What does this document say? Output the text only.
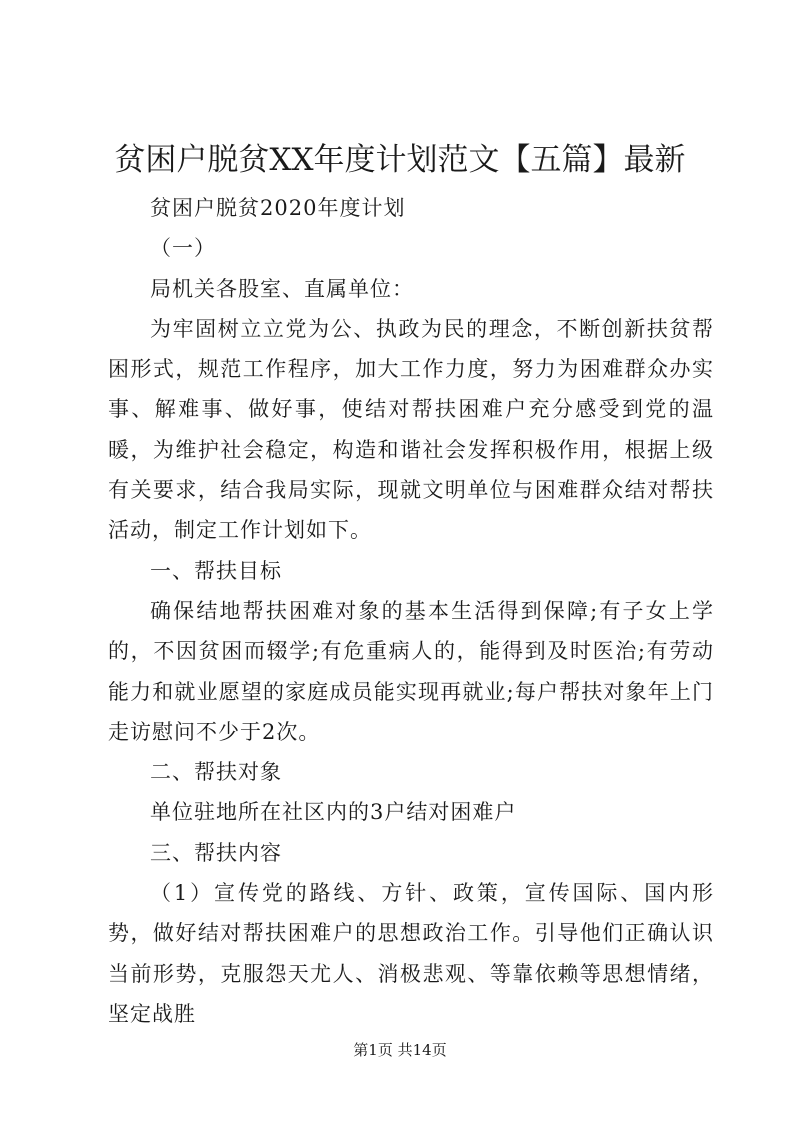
贫困户脱贫XX年度计划范文【五篇】最新

贫困户脱贫2020年度计划

（一）

局机关各股室、直属单位：

为牢固树立立党为公、执政为民的理念，不断创新扶贫帮困形式，规范工作程序，加大工作力度，努力为困难群众办实事、解难事、做好事，使结对帮扶困难户充分感受到党的温暖，为维护社会稳定，构造和谐社会发挥积极作用，根据上级有关要求，结合我局实际，现就文明单位与困难群众结对帮扶活动，制定工作计划如下。

一、帮扶目标

确保结地帮扶困难对象的基本生活得到保障;有子女上学的，不因贫困而辍学;有危重病人的，能得到及时医治;有劳动能力和就业愿望的家庭成员能实现再就业;每户帮扶对象年上门走访慰问不少于2次。

二、帮扶对象

单位驻地所在社区内的3户结对困难户

三、帮扶内容

（1）宣传党的路线、方针、政策，宣传国际、国内形势，做好结对帮扶困难户的思想政治工作。引导他们正确认识当前形势，克服怨天尤人、消极悲观、等靠依赖等思想情绪，坚定战胜

第1页 共14页
